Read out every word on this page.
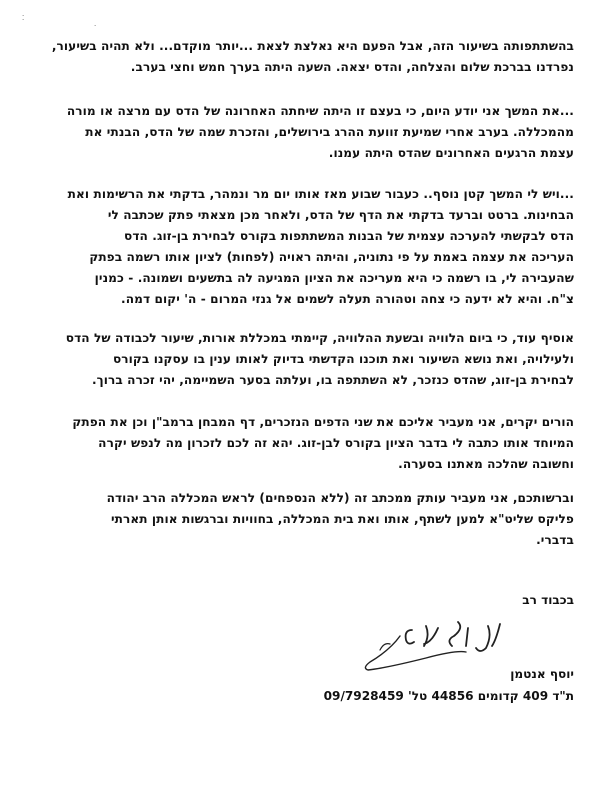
⁚
·
בהשתתפותה בשיעור הזה, אבל הפעם היא נאלצת לצאת ...יותר מוקדם... ולא תהיה בשיעור,
נפרדנו בברכת שלום והצלחה, והדס יצאה. השעה היתה בערך חמש וחצי בערב.
...את המשך אני יודע היום, כי בעצם זו היתה שיחתה האחרונה של הדס עם מרצה או מורה
מהמכללה. בערב אחרי שמיעת זוועת ההרג בירושלים, והזכרת שמה של הדס, הבנתי את
עצמת הרגעים האחרונים שהדס היתה עמנו.
...ויש לי המשך קטן נוסף.. כעבור שבוע מאז אותו יום מר ונמהר, בדקתי את הרשימות ואת
הבחינות. ברטט וברעד בדקתי את הדף של הדס, ולאחר מכן מצאתי פתק שכתבה לי
הדס לבקשתי להערכה עצמית של הבנות המשתתפות בקורס לבחירת בן-זוג. הדס
העריכה את עצמה באמת על פי נתוניה, והיתה ראויה (לפחות) לציון אותו רשמה בפתק
שהעבירה לי, בו רשמה כי היא מעריכה את הציון המגיעה לה בתשעים ושמונה. - כמנין
צ"ח. והיא לא ידעה כי צחה וטהורה תעלה לשמים אל גנזי המרום - ה' יקום דמה.
אוסיף עוד, כי ביום הלוויה ובשעת ההלוויה, קיימתי במכללת אורות, שיעור לכבודה של הדס
ולעילויה, ואת נושא השיעור ואת תוכנו הקדשתי בדיוק לאותו ענין בו עסקנו בקורס
לבחירת בן-זוג, שהדס כנזכר, לא השתתפה בו, ועלתה בסער השמיימה, יהי זכרה ברוך.
הורים יקרים, אני מעביר אליכם את שני הדפים הנזכרים, דף המבחן ברמב"ן וכן את הפתק
המיוחד אותו כתבה לי בדבר הציון בקורס לבן-זוג. יהא זה לכם לזכרון מה לנפש יקרה
וחשובה שהלכה מאתנו בסערה.
וברשותכם, אני מעביר עותק ממכתב זה (ללא הנספחים) לראש המכללה הרב יהודה
פליקס שליט"א למען לשתף, אותו ואת בית המכללה, בחוויות וברגשות אותן תארתי
בדברי.
בכבוד רב
יוסף אנטמן
ת"ד 409 קדומים 44856 טל' 09/7928459
